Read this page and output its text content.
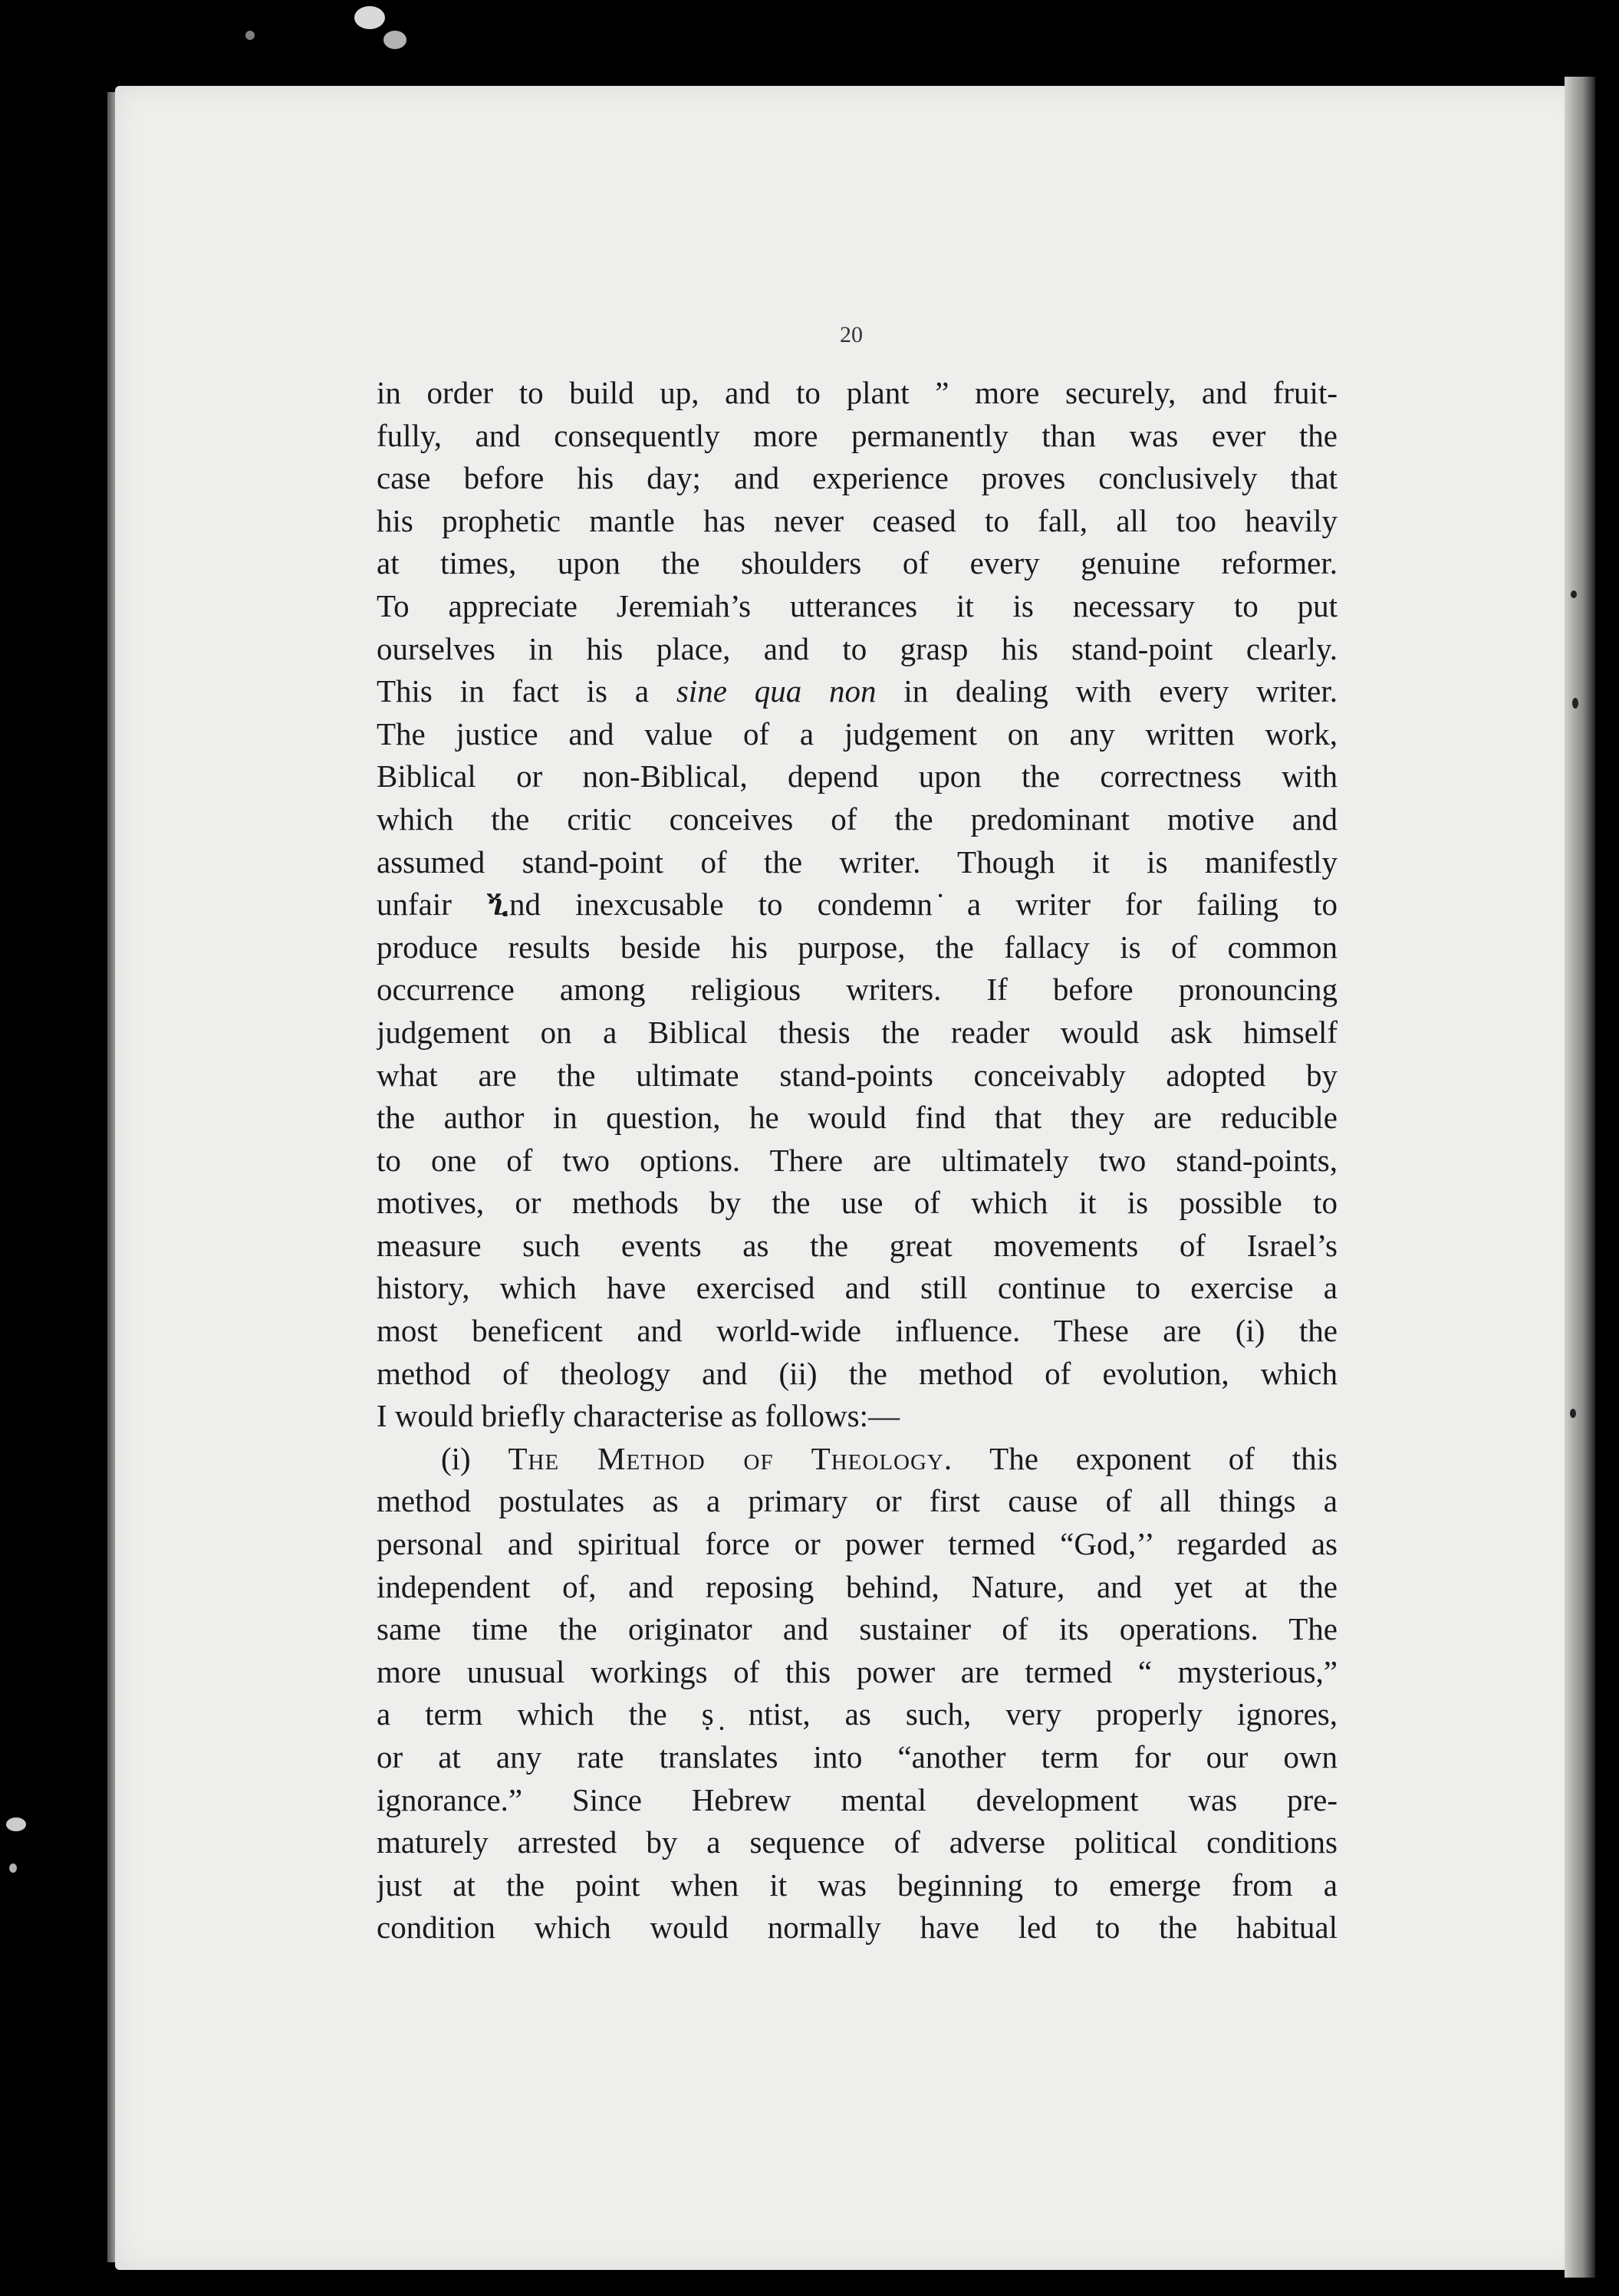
20
in order to build up, and to plant ” more securely, and fruit-
fully, and consequently more permanently than was ever the
case before his day; and experience proves conclusively that
his prophetic mantle has never ceased to fall, all too heavily
at times, upon the shoulders of every genuine reformer.
To appreciate Jeremiah’s utterances it is necessary to put
ourselves in his place, and to grasp his stand-point clearly.
This in fact is a sine qua non in dealing with every writer.
The justice and value of a judgement on any written work,
Biblical or non-Biblical, depend upon the correctness with
which the critic conceives of the predominant motive and
assumed stand-point of the writer. Though it is manifestly
unfair ⷚnd inexcusable to condemn ̇a writer for failing to
produce results beside his purpose, the fallacy is of common
occurrence among religious writers. If before pronouncing
judgement on a Biblical thesis the reader would ask himself
what are the ultimate stand-points conceivably adopted by
the author in question, he would find that they are reducible
to one of two options. There are ultimately two stand-points,
motives, or methods by the use of which it is possible to
measure such events as the great movements of Israel’s
history, which have exercised and still continue to exercise a
most beneficent and world-wide influence. These are (i) the
method of theology and (ii) the method of evolution, which
I would briefly characterise as follows:—
(i) The Method of Theology. The exponent of this
method postulates as a primary or first cause of all things a
personal and spiritual force or power termed “God,’’ regarded as
independent of, and reposing behind, Nature, and yet at the
same time the originator and sustainer of its operations. The
more unusual workings of this power are termed “ mysterious,”
a term which the ṣ ̣ntist, as such, very properly ignores,
or at any rate translates into “another term for our own
ignorance.” Since Hebrew mental development was pre-
maturely arrested by a sequence of adverse political conditions
just at the point when it was beginning to emerge from a
condition which would normally have led to the habitual
